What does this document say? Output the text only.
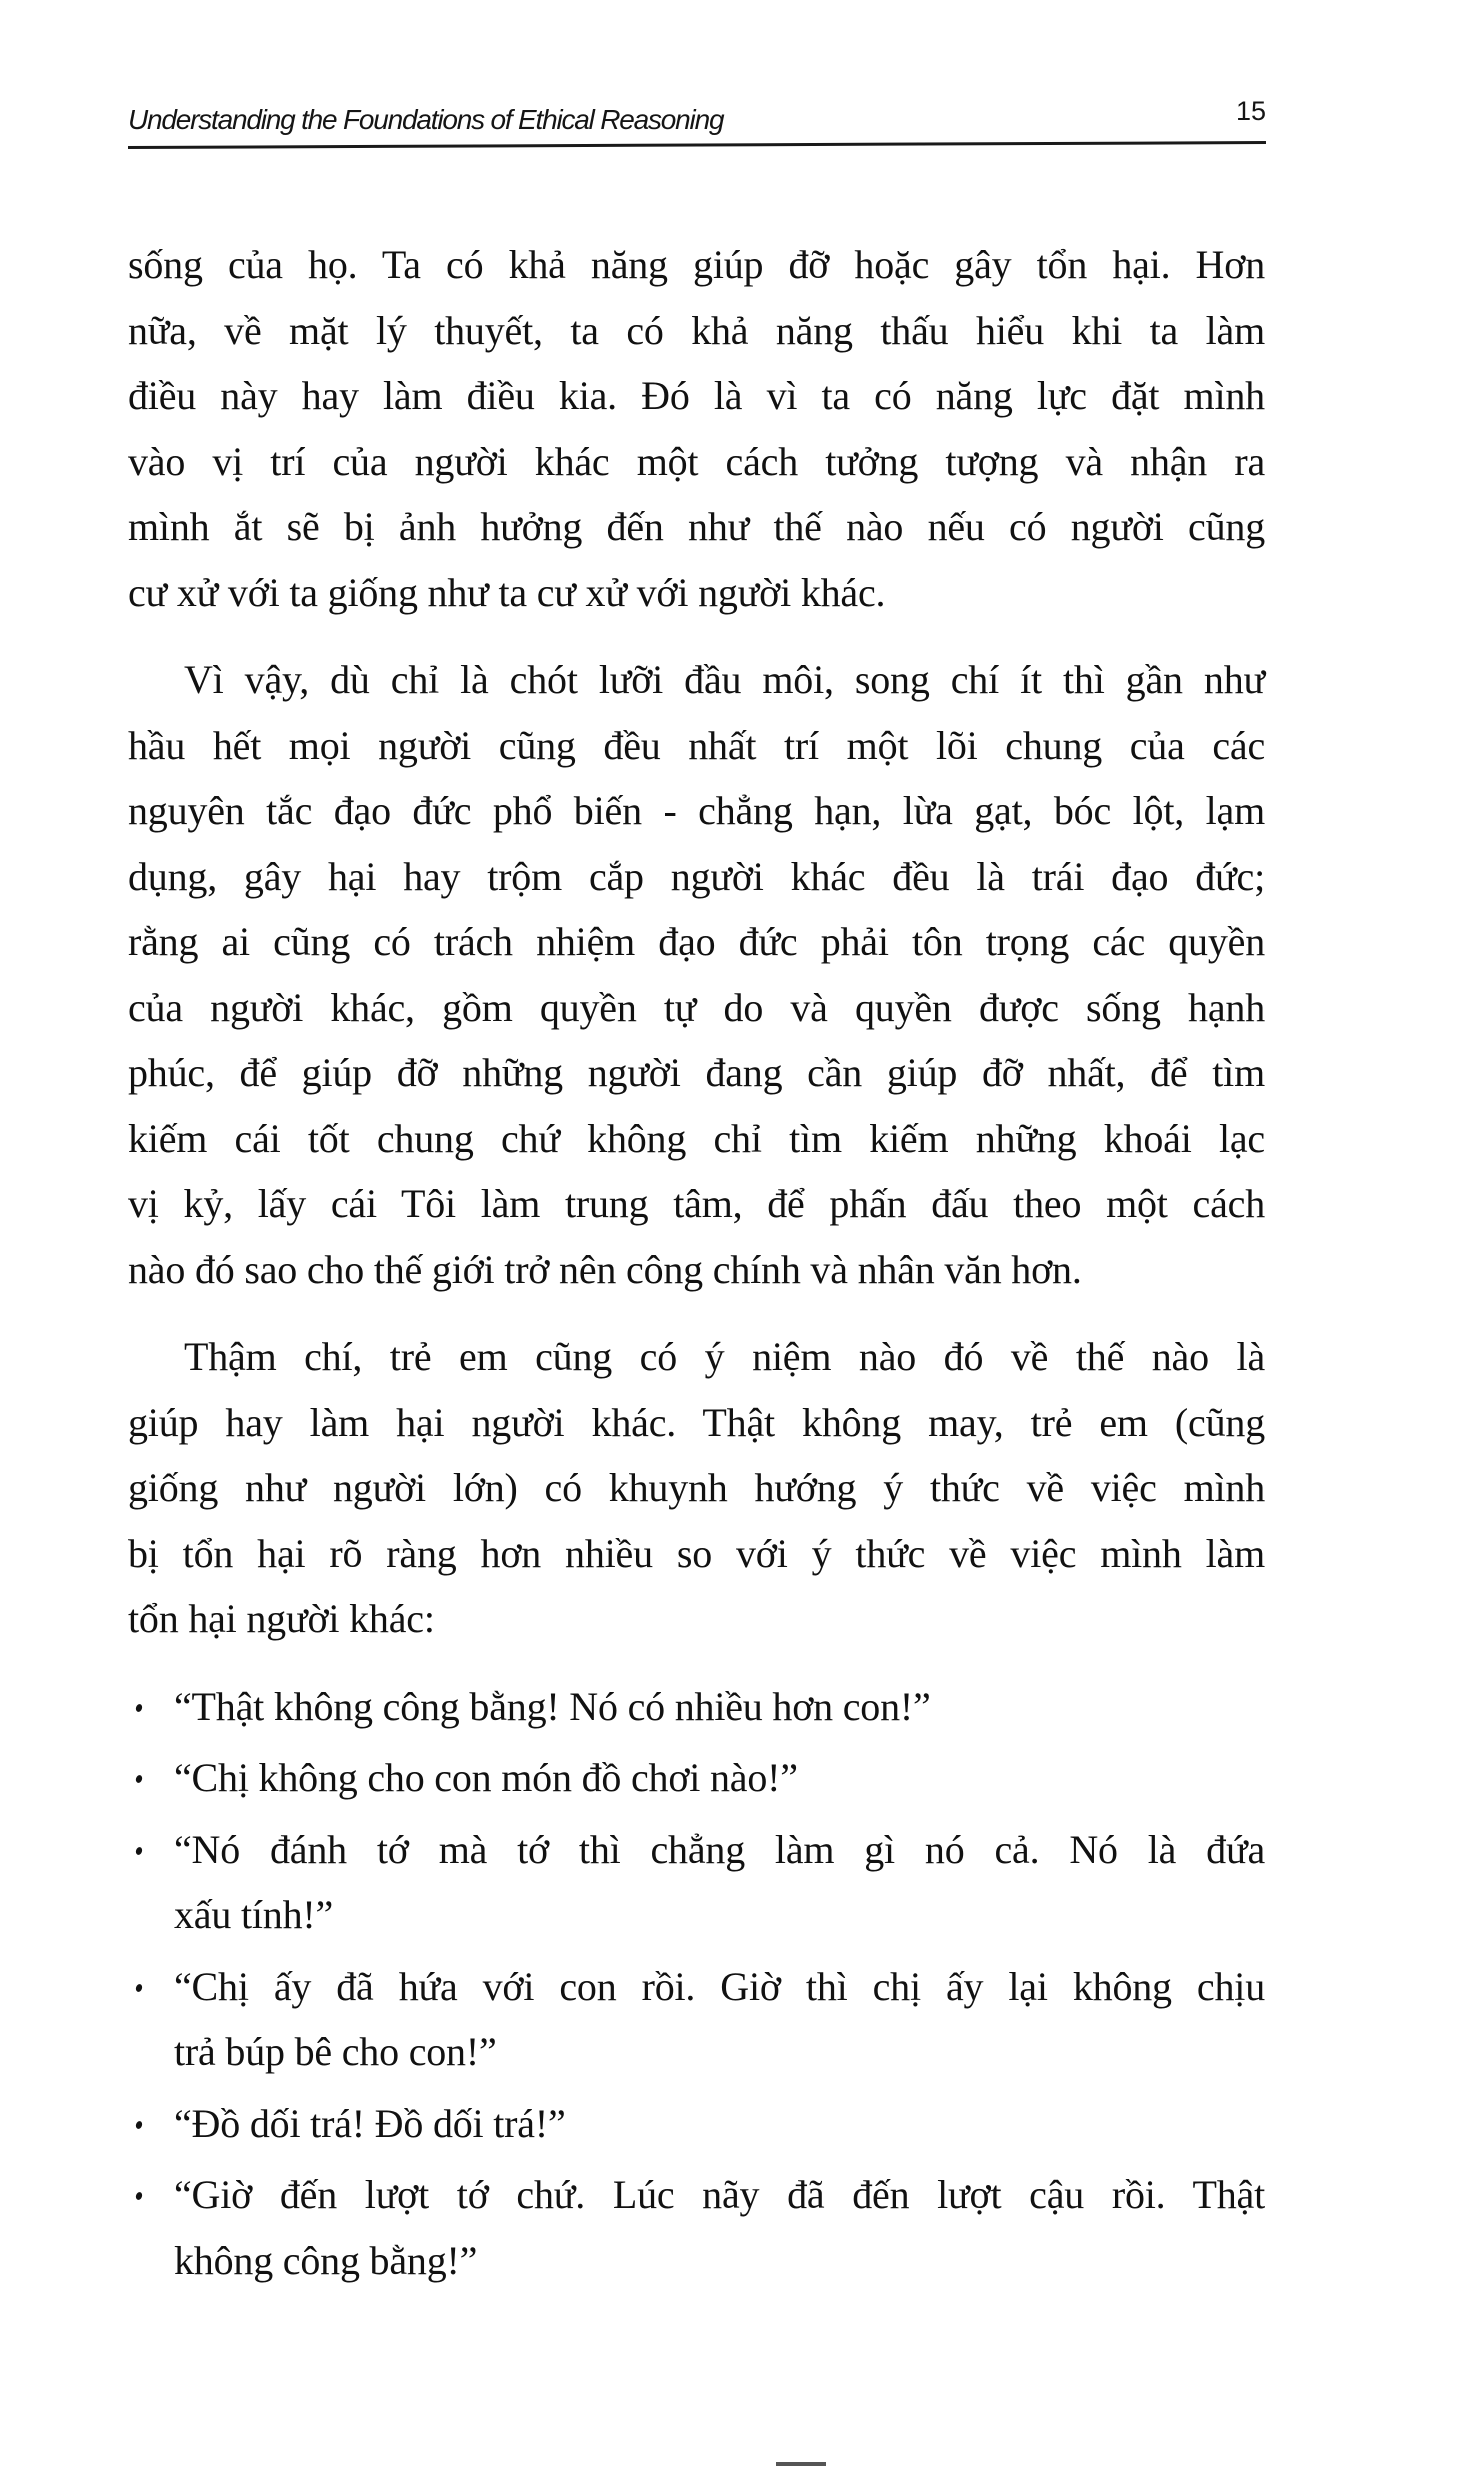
Understanding the Foundations of Ethical Reasoning	15
sống của họ. Ta có khả năng giúp đỡ hoặc gây tổn hại. Hơn
nữa, về mặt lý thuyết, ta có khả năng thấu hiểu khi ta làm
điều này hay làm điều kia. Đó là vì ta có năng lực đặt mình
vào vị trí của người khác một cách tưởng tượng và nhận ra
mình ắt sẽ bị ảnh hưởng đến như thế nào nếu có người cũng
cư xử với ta giống như ta cư xử với người khác.
Vì vậy, dù chỉ là chót lưỡi đầu môi, song chí ít thì gần như
hầu hết mọi người cũng đều nhất trí một lõi chung của các
nguyên tắc đạo đức phổ biến - chẳng hạn, lừa gạt, bóc lột, lạm
dụng, gây hại hay trộm cắp người khác đều là trái đạo đức;
rằng ai cũng có trách nhiệm đạo đức phải tôn trọng các quyền
của người khác, gồm quyền tự do và quyền được sống hạnh
phúc, để giúp đỡ những người đang cần giúp đỡ nhất, để tìm
kiếm cái tốt chung chứ không chỉ tìm kiếm những khoái lạc
vị kỷ, lấy cái Tôi làm trung tâm, để phấn đấu theo một cách
nào đó sao cho thế giới trở nên công chính và nhân văn hơn.
Thậm chí, trẻ em cũng có ý niệm nào đó về thế nào là
giúp hay làm hại người khác. Thật không may, trẻ em (cũng
giống như người lớn) có khuynh hướng ý thức về việc mình
bị tổn hại rõ ràng hơn nhiều so với ý thức về việc mình làm
tổn hại người khác:
“Thật không công bằng! Nó có nhiều hơn con!”
“Chị không cho con món đồ chơi nào!”
“Nó đánh tớ mà tớ thì chẳng làm gì nó cả. Nó là đứa
xấu tính!”
“Chị ấy đã hứa với con rồi. Giờ thì chị ấy lại không chịu
trả búp bê cho con!”
“Đồ dối trá! Đồ dối trá!”
“Giờ đến lượt tớ chứ. Lúc nãy đã đến lượt cậu rồi. Thật
không công bằng!”
